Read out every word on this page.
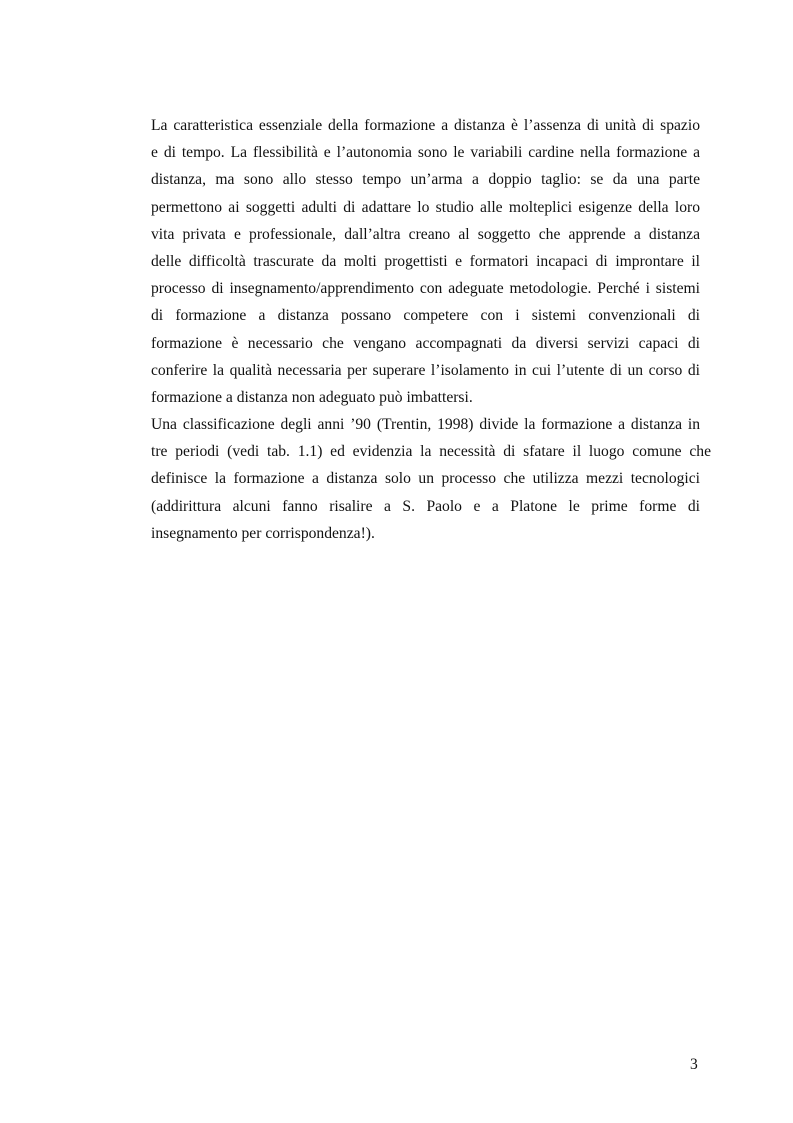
La caratteristica essenziale della formazione a distanza è l’assenza di unità di spazio
e di tempo. La flessibilità e l’autonomia sono le variabili cardine nella formazione a
distanza, ma sono allo stesso tempo un’arma a doppio taglio: se da una parte
permettono ai soggetti adulti di adattare lo studio alle molteplici esigenze della loro
vita privata e professionale, dall’altra creano al soggetto che apprende a distanza
delle difficoltà trascurate da molti progettisti e formatori incapaci di improntare il
processo di insegnamento/apprendimento con adeguate metodologie. Perché i sistemi
di formazione a distanza possano competere con i sistemi convenzionali di
formazione è necessario che vengano accompagnati da diversi servizi capaci di
conferire la qualità necessaria per superare l’isolamento in cui l’utente di un corso di
formazione a distanza non adeguato può imbattersi.
Una classificazione degli anni ’90 (Trentin, 1998) divide la formazione a distanza in
tre periodi (vedi tab. 1.1) ed evidenzia la necessità di sfatare il luogo comune che
definisce la formazione a distanza solo un processo che utilizza mezzi tecnologici
(addirittura alcuni fanno risalire a S. Paolo e a Platone le prime forme di
insegnamento per corrispondenza!).
3
